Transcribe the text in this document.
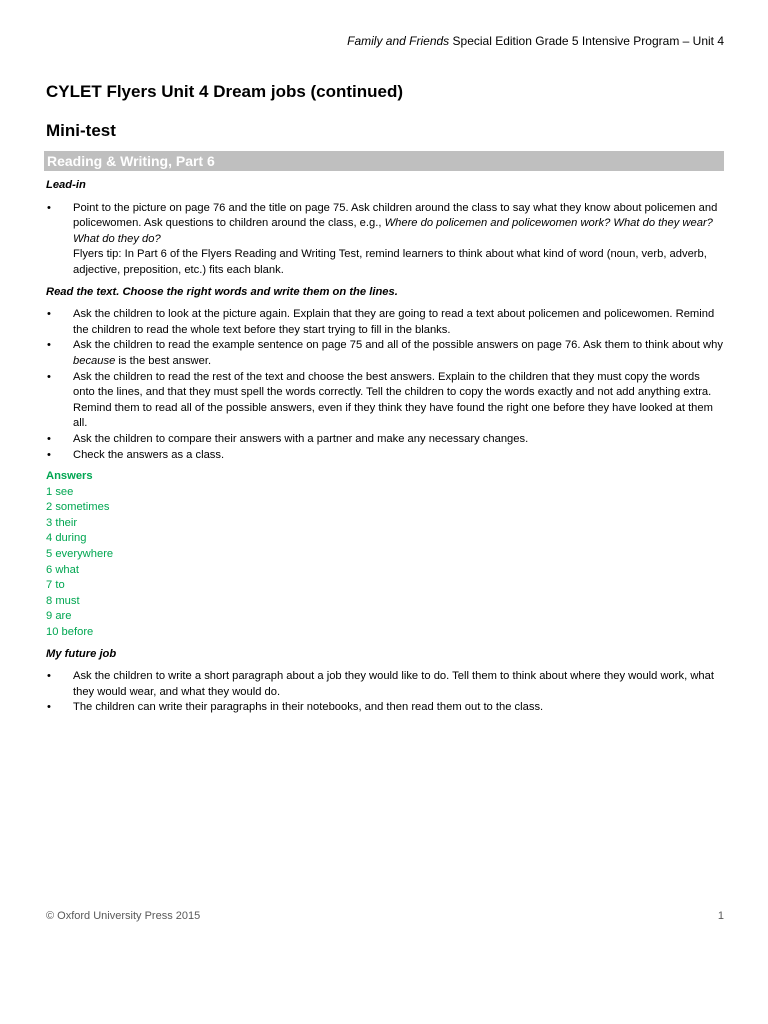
Family and Friends Special Edition Grade 5 Intensive Program – Unit 4
CYLET Flyers Unit 4 Dream jobs (continued)
Mini-test
Reading & Writing, Part 6

Lead-in

• Point to the picture on page 76 and the title on page 75. Ask children around the class to say what they know about policemen and policewomen. Ask questions to children around the class, e.g., Where do policemen and policewomen work? What do they wear? What do they do?
Flyers tip: In Part 6 of the Flyers Reading and Writing Test, remind learners to think about what kind of word (noun, verb, adverb, adjective, preposition, etc.) fits each blank.

Read the text. Choose the right words and write them on the lines.

• Ask the children to look at the picture again. Explain that they are going to read a text about policemen and policewomen. Remind the children to read the whole text before they start trying to fill in the blanks.
• Ask the children to read the example sentence on page 75 and all of the possible answers on page 76. Ask them to think about why because is the best answer.
• Ask the children to read the rest of the text and choose the best answers. Explain to the children that they must copy the words onto the lines, and that they must spell the words correctly. Tell the children to copy the words exactly and not add anything extra. Remind them to read all of the possible answers, even if they think they have found the right one before they have looked at them all.
• Ask the children to compare their answers with a partner and make any necessary changes.
• Check the answers as a class.
Answers
1 see
2 sometimes
3 their
4 during
5 everywhere
6 what
7 to
8 must
9 are
10 before

My future job

• Ask the children to write a short paragraph about a job they would like to do. Tell them to think about where they would work, what they would wear, and what they would do.
• The children can write their paragraphs in their notebooks, and then read them out to the class.
© Oxford University Press 2015	1
